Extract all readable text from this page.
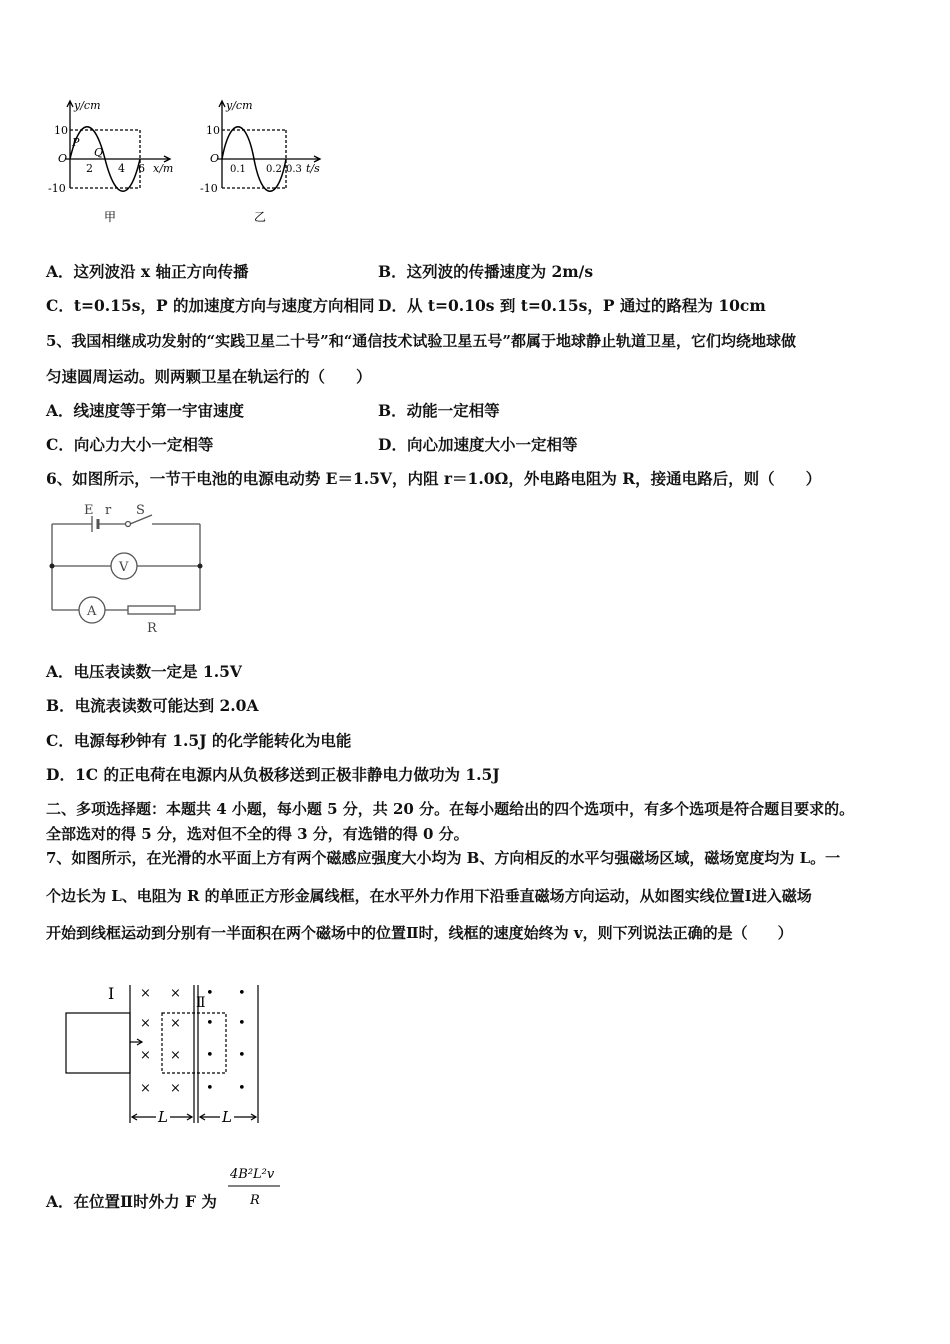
y/cm
10
-10
O
P
Q
2 4 6 x/m
甲
y/cm
10
-10
O
0.1 0.2 0.3 t/s
乙
A．这列波沿 x 轴正方向传播	B．这列波的传播速度为 2m/s
C．t=0.15s，P 的加速度方向与速度方向相同 D．从 t=0.10s 到 t=0.15s，P 通过的路程为 10cm
5、我国相继成功发射的“实践卫星二十号”和“通信技术试验卫星五号”都属于地球静止轨道卫星，它们均绕地球做
匀速圆周运动。则两颗卫星在轨运行的（　　）
A．线速度等于第一宇宙速度	B．动能一定相等
C．向心力大小一定相等	D．向心加速度大小一定相等
6、如图所示，一节干电池的电源电动势 E＝1.5V，内阻 r＝1.0Ω，外电路电阻为 R，接通电路后，则（　　）
E r S
V
A
R
A．电压表读数一定是 1.5V
B．电流表读数可能达到 2.0A
C．电源每秒钟有 1.5J 的化学能转化为电能
D．1C 的正电荷在电源内从负极移送到正极非静电力做功为 1.5J
二、多项选择题：本题共 4 小题，每小题 5 分，共 20 分。在每小题给出的四个选项中，有多个选项是符合题目要求的。
全部选对的得 5 分，选对但不全的得 3 分，有选错的得 0 分。
7、如图所示，在光滑的水平面上方有两个磁感应强度大小均为 B、方向相反的水平匀强磁场区域，磁场宽度均为 L。一
个边长为 L、电阻为 R 的单匝正方形金属线框，在水平外力作用下沿垂直磁场方向运动，从如图实线位置Ⅰ进入磁场
开始到线框运动到分别有一半面积在两个磁场中的位置Ⅱ时，线框的速度始终为 v，则下列说法正确的是（　　）
Ⅰ	Ⅱ
× ×
× ×
× ×
× ×
• •
• •
• •
• •
L	L
A．在位置Ⅱ时外力 F 为
4B²L²v
R
